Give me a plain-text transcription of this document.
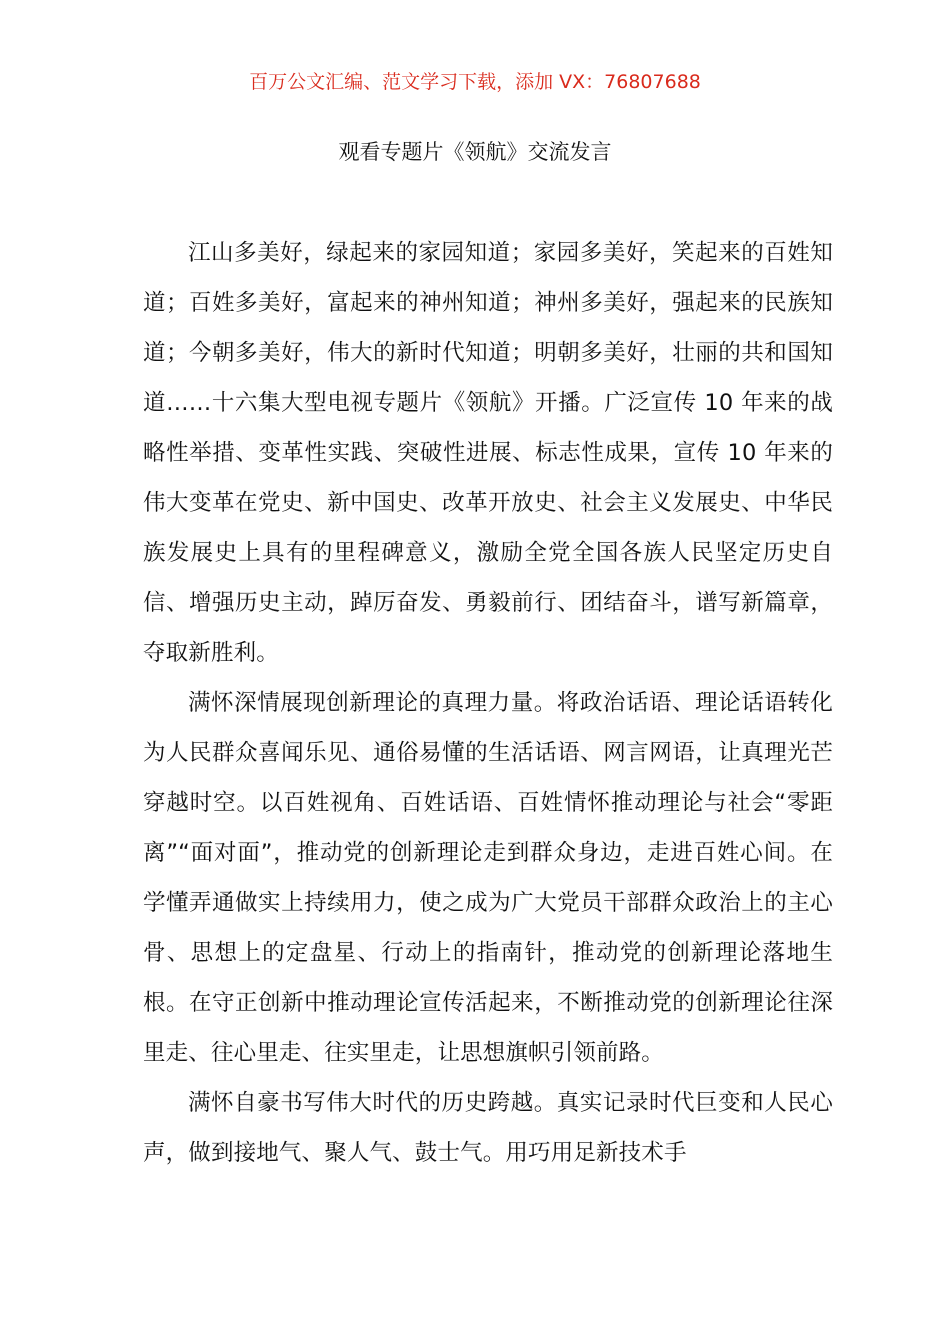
百万公文汇编、范文学习下载，添加 VX：76807688
观看专题片《领航》交流发言

江山多美好，绿起来的家园知道；家园多美好，笑起来的百姓知道；百姓多美好，富起来的神州知道；神州多美好，强起来的民族知道；今朝多美好，伟大的新时代知道；明朝多美好，壮丽的共和国知道……十六集大型电视专题片《领航》开播。广泛宣传 10 年来的战略性举措、变革性实践、突破性进展、标志性成果，宣传 10 年来的伟大变革在党史、新中国史、改革开放史、社会主义发展史、中华民族发展史上具有的里程碑意义，激励全党全国各族人民坚定历史自信、增强历史主动，踔厉奋发、勇毅前行、团结奋斗，谱写新篇章，夺取新胜利。

满怀深情展现创新理论的真理力量。将政治话语、理论话语转化为人民群众喜闻乐见、通俗易懂的生活话语、网言网语，让真理光芒穿越时空。以百姓视角、百姓话语、百姓情怀推动理论与社会“零距离”“面对面”，推动党的创新理论走到群众身边，走进百姓心间。在学懂弄通做实上持续用力，使之成为广大党员干部群众政治上的主心骨、思想上的定盘星、行动上的指南针，推动党的创新理论落地生根。在守正创新中推动理论宣传活起来，不断推动党的创新理论往深里走、往心里走、往实里走，让思想旗帜引领前路。

满怀自豪书写伟大时代的历史跨越。真实记录时代巨变和人民心声，做到接地气、聚人气、鼓士气。用巧用足新技术手
